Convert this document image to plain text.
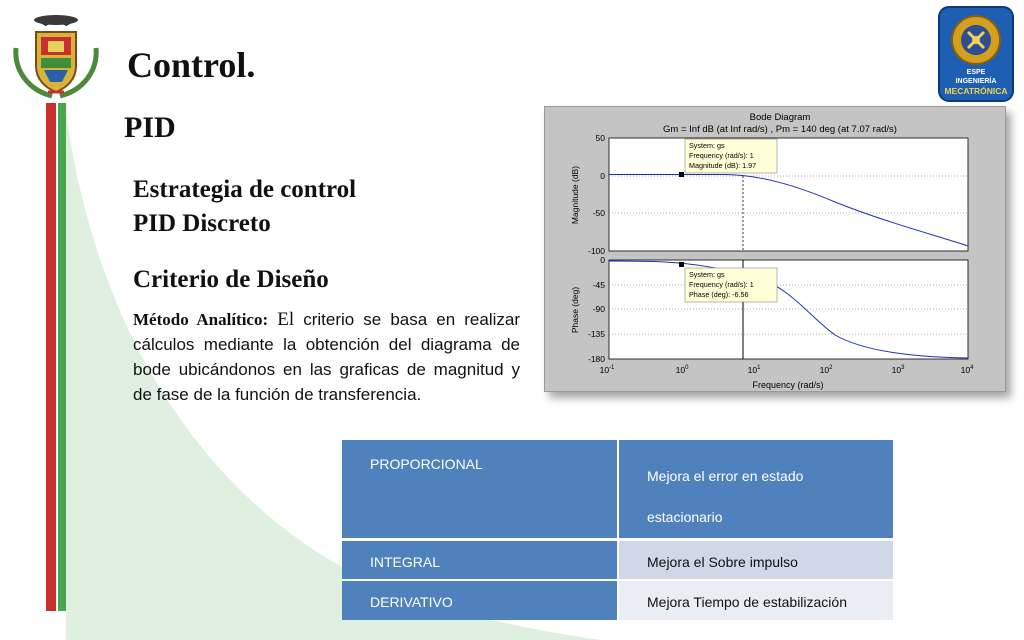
ESPE
INGENIERÍA
MECATRÓNICA
Control.
PID
Estrategia de control
PID Discreto
Criterio de Diseño
Método Analítico: El criterio se basa en realizar cálculos mediante la obtención del diagrama de bode ubicándonos en las graficas de magnitud y de fase de la función de transferencia.
Bode Diagram
Gm = Inf dB (at Inf rad/s) , Pm = 140 deg (at 7.07 rad/s)
50
0
-50
-100
Magnitude (dB)
System: gs
Frequency (rad/s): 1
Magnitude (dB): 1.97
0
-45
-90
-135
-180
Phase (deg)
System: gs
Frequency (rad/s): 1
Phase (deg): -6.56
$10^{-1}$	$10^0$	$10^1$	$10^2$	$10^3$	$10^4$
Frequency (rad/s)
PROPORCIONAL	Mejora el error en estado
estacionario
INTEGRAL	Mejora el Sobre impulso
DERIVATIVO	Mejora Tiempo de estabilización
